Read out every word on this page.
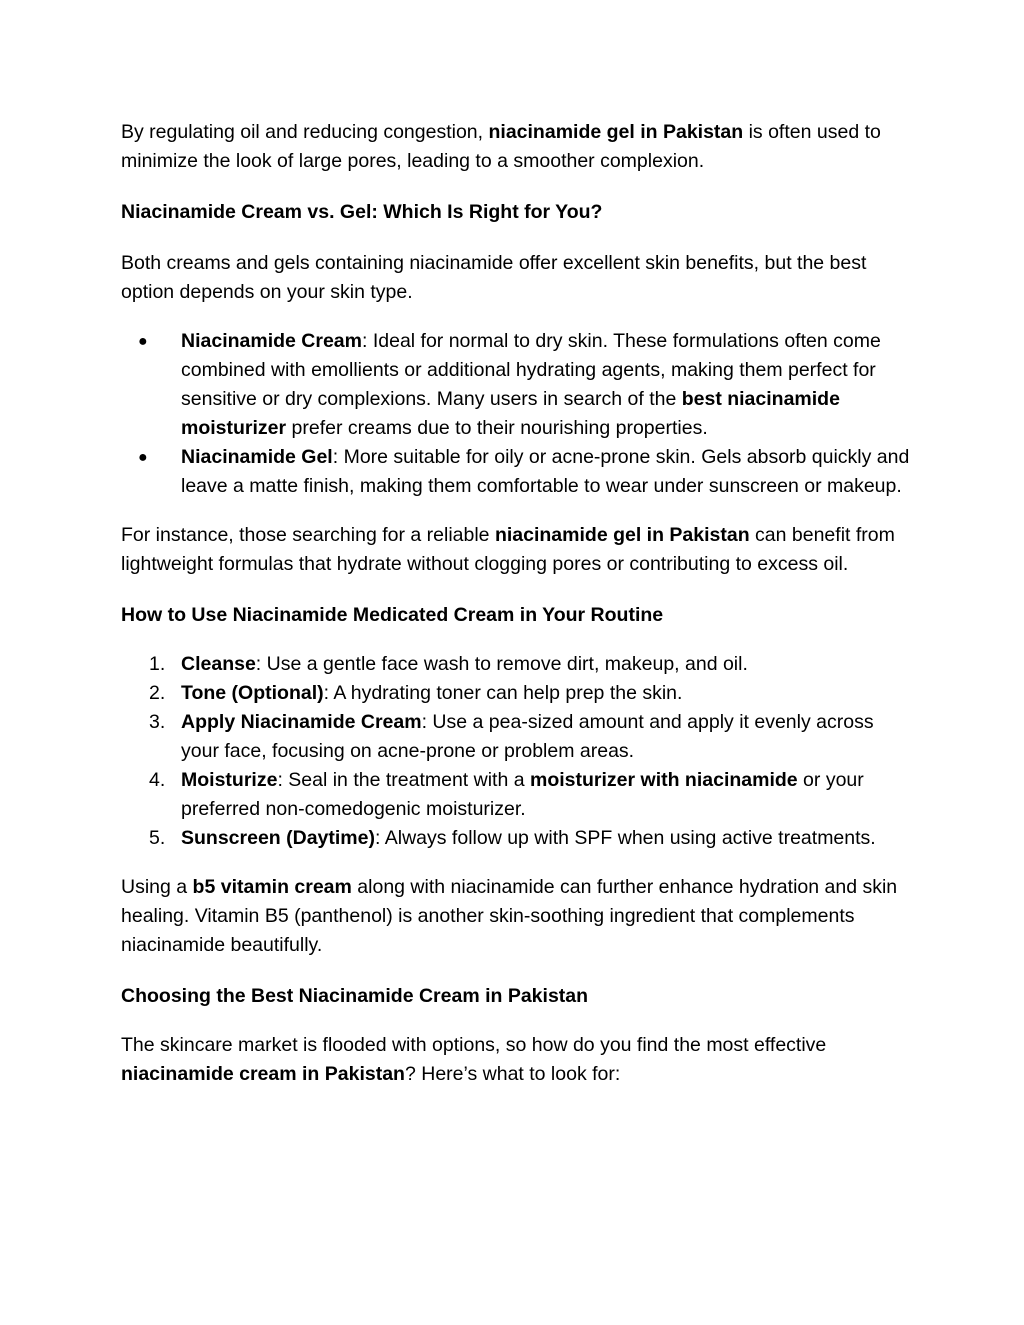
By regulating oil and reducing congestion, niacinamide gel in Pakistan is often used to minimize the look of large pores, leading to a smoother complexion.

Niacinamide Cream vs. Gel: Which Is Right for You?

Both creams and gels containing niacinamide offer excellent skin benefits, but the best option depends on your skin type.

● Niacinamide Cream: Ideal for normal to dry skin. These formulations often come combined with emollients or additional hydrating agents, making them perfect for sensitive or dry complexions. Many users in search of the best niacinamide moisturizer prefer creams due to their nourishing properties.
● Niacinamide Gel: More suitable for oily or acne-prone skin. Gels absorb quickly and leave a matte finish, making them comfortable to wear under sunscreen or makeup.

For instance, those searching for a reliable niacinamide gel in Pakistan can benefit from lightweight formulas that hydrate without clogging pores or contributing to excess oil.

How to Use Niacinamide Medicated Cream in Your Routine

1. Cleanse: Use a gentle face wash to remove dirt, makeup, and oil.
2. Tone (Optional): A hydrating toner can help prep the skin.
3. Apply Niacinamide Cream: Use a pea-sized amount and apply it evenly across your face, focusing on acne-prone or problem areas.
4. Moisturize: Seal in the treatment with a moisturizer with niacinamide or your preferred non-comedogenic moisturizer.
5. Sunscreen (Daytime): Always follow up with SPF when using active treatments.

Using a b5 vitamin cream along with niacinamide can further enhance hydration and skin healing. Vitamin B5 (panthenol) is another skin-soothing ingredient that complements niacinamide beautifully.

Choosing the Best Niacinamide Cream in Pakistan

The skincare market is flooded with options, so how do you find the most effective niacinamide cream in Pakistan? Here’s what to look for:
